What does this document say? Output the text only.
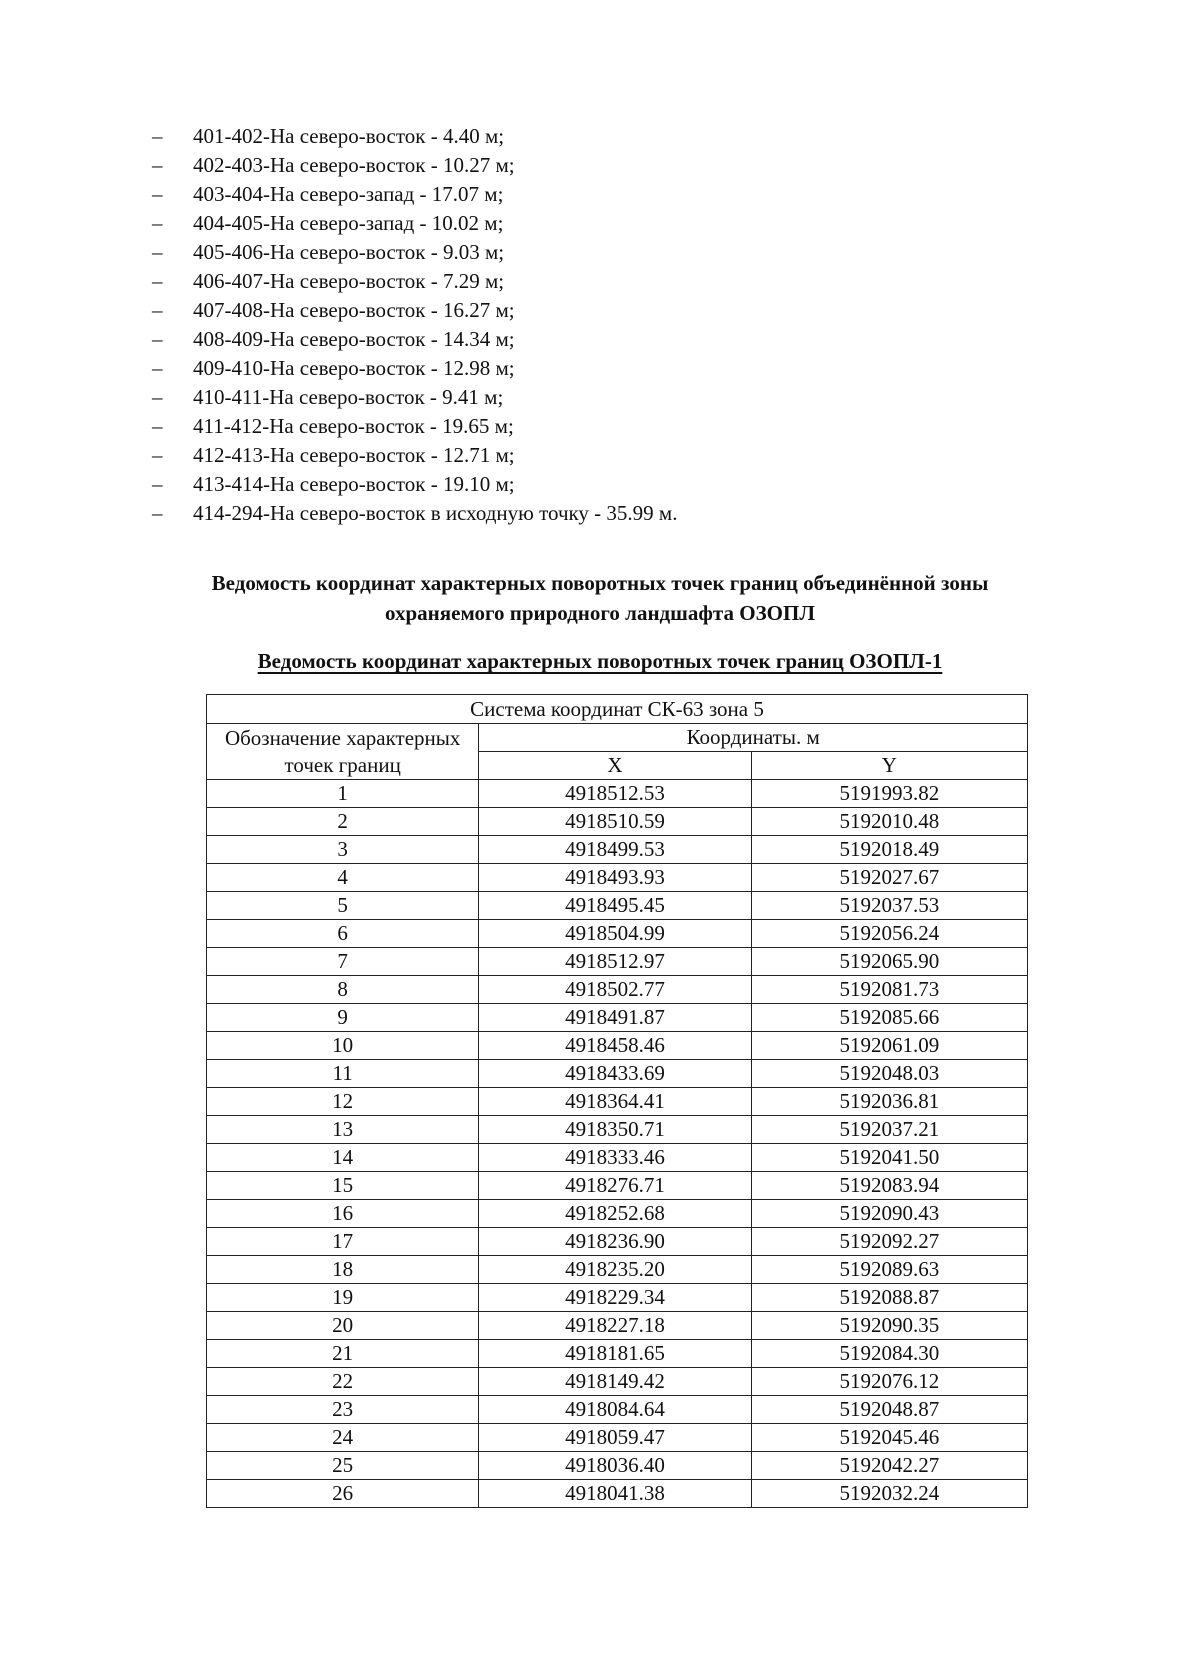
–	401-402-На северо-восток - 4.40 м;
–	402-403-На северо-восток - 10.27 м;
–	403-404-На северо-запад - 17.07 м;
–	404-405-На северо-запад - 10.02 м;
–	405-406-На северо-восток - 9.03 м;
–	406-407-На северо-восток - 7.29 м;
–	407-408-На северо-восток - 16.27 м;
–	408-409-На северо-восток - 14.34 м;
–	409-410-На северо-восток - 12.98 м;
–	410-411-На северо-восток - 9.41 м;
–	411-412-На северо-восток - 19.65 м;
–	412-413-На северо-восток - 12.71 м;
–	413-414-На северо-восток - 19.10 м;
–	414-294-На северо-восток в исходную точку - 35.99 м.
Ведомость координат характерных поворотных точек границ объединённой зоны
охраняемого природного ландшафта ОЗОПЛ
Ведомость координат характерных поворотных точек границ ОЗОПЛ-1
Система координат СК-63 зона 5		

Обозначение характерных
точек границ	Координаты. м	
	X	Y
1	4918512.53	5191993.82
2	4918510.59	5192010.48
3	4918499.53	5192018.49
4	4918493.93	5192027.67
5	4918495.45	5192037.53
6	4918504.99	5192056.24
7	4918512.97	5192065.90
8	4918502.77	5192081.73
9	4918491.87	5192085.66
10	4918458.46	5192061.09
11	4918433.69	5192048.03
12	4918364.41	5192036.81
13	4918350.71	5192037.21
14	4918333.46	5192041.50
15	4918276.71	5192083.94
16	4918252.68	5192090.43
17	4918236.90	5192092.27
18	4918235.20	5192089.63
19	4918229.34	5192088.87
20	4918227.18	5192090.35
21	4918181.65	5192084.30
22	4918149.42	5192076.12
23	4918084.64	5192048.87
24	4918059.47	5192045.46
25	4918036.40	5192042.27
26	4918041.38	5192032.24
